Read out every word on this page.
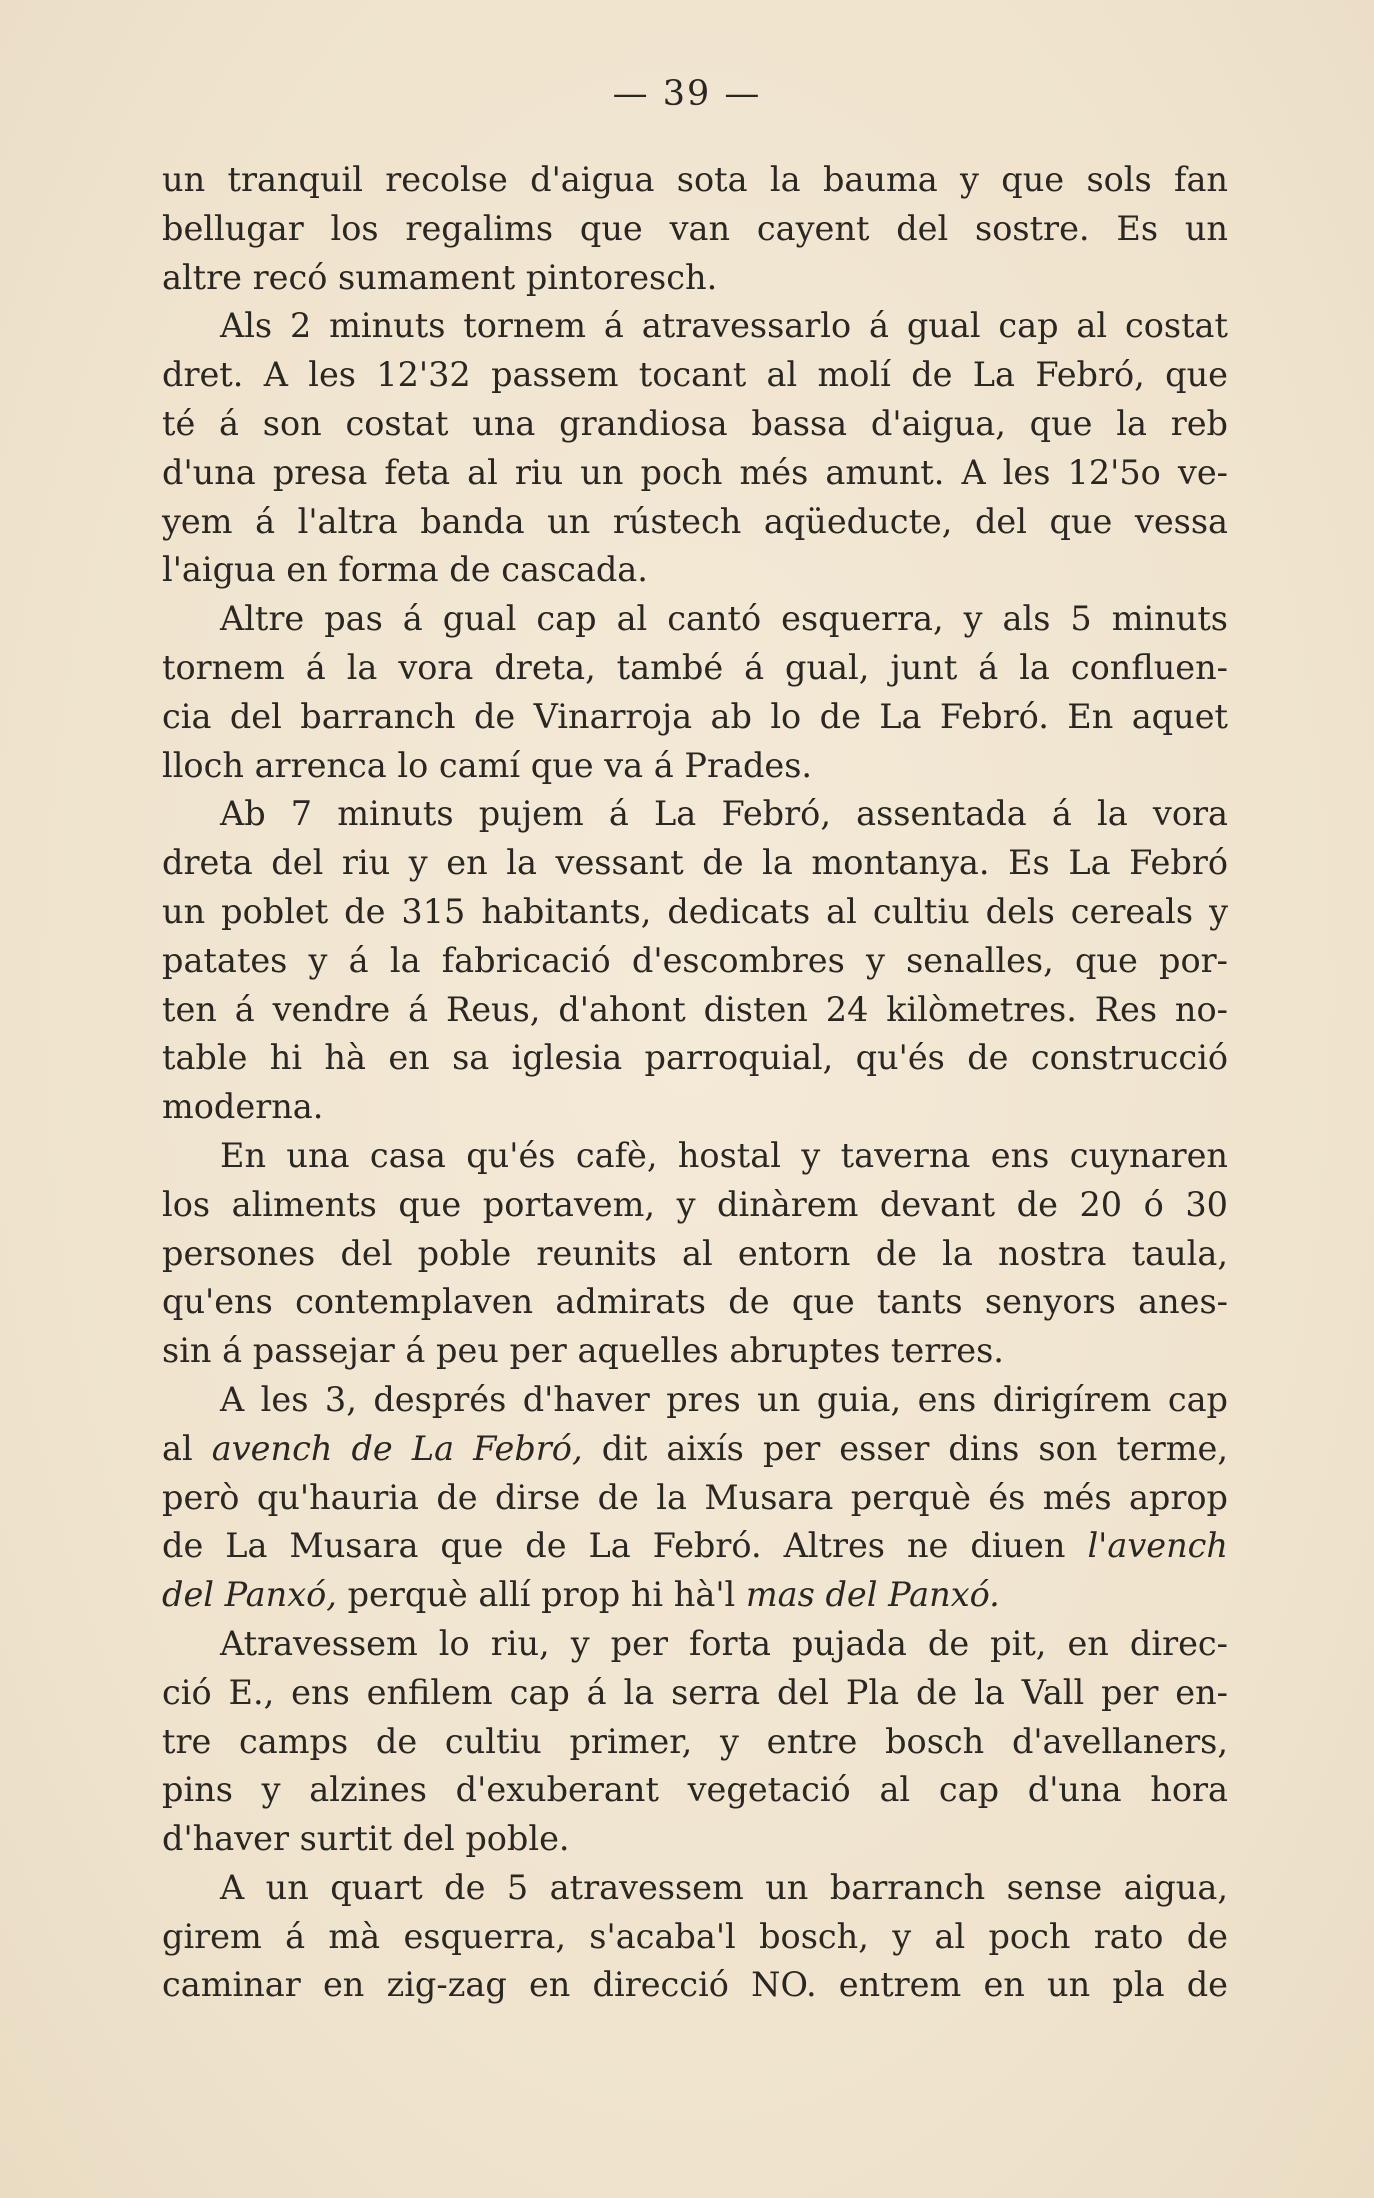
— 39 —
un tranquil recolse d'aigua sota la bauma y que sols fan
bellugar los regalims que van cayent del sostre. Es un
altre recó sumament pintoresch.
Als 2 minuts tornem á atravessarlo á gual cap al costat
dret. A les 12'32 passem tocant al molí de La Febró, que
té á son costat una grandiosa bassa d'aigua, que la reb
d'una presa feta al riu un poch més amunt. A les 12'5o ve-
yem á l'altra banda un rústech aqüeducte, del que vessa
l'aigua en forma de cascada.
Altre pas á gual cap al cantó esquerra, y als 5 minuts
tornem á la vora dreta, també á gual, junt á la confluen-
cia del barranch de Vinarroja ab lo de La Febró. En aquet
lloch arrenca lo camí que va á Prades.
Ab 7 minuts pujem á La Febró, assentada á la vora
dreta del riu y en la vessant de la montanya. Es La Febró
un poblet de 315 habitants, dedicats al cultiu dels cereals y
patates y á la fabricació d'escombres y senalles, que por-
ten á vendre á Reus, d'ahont disten 24 kilòmetres. Res no-
table hi hà en sa iglesia parroquial, qu'és de construcció
moderna.
En una casa qu'és cafè, hostal y taverna ens cuynaren
los aliments que portavem, y dinàrem devant de 20 ó 30
persones del poble reunits al entorn de la nostra taula,
qu'ens contemplaven admirats de que tants senyors anes-
sin á passejar á peu per aquelles abruptes terres.
A les 3, després d'haver pres un guia, ens dirigírem cap
al avench de La Febró, dit aixís per esser dins son terme,
però qu'hauria de dirse de la Musara perquè és més aprop
de La Musara que de La Febró. Altres ne diuen l'avench
del Panxó, perquè allí prop hi hà'l mas del Panxó.
Atravessem lo riu, y per forta pujada de pit, en direc-
ció E., ens enfilem cap á la serra del Pla de la Vall per en-
tre camps de cultiu primer, y entre bosch d'avellaners,
pins y alzines d'exuberant vegetació al cap d'una hora
d'haver surtit del poble.
A un quart de 5 atravessem un barranch sense aigua,
girem á mà esquerra, s'acaba'l bosch, y al poch rato de
caminar en zig-zag en direcció NO. entrem en un pla de
